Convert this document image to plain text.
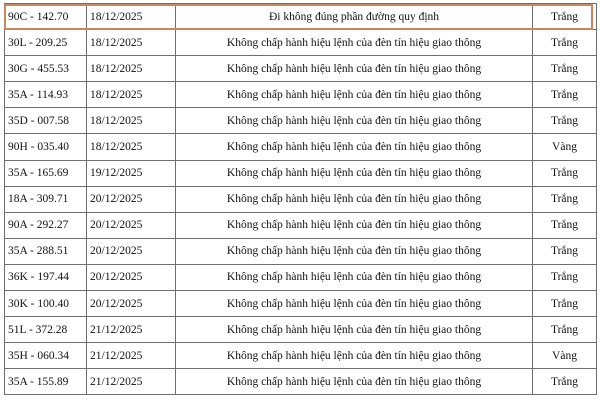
90C - 142.70	18/12/2025	Đi không đúng phần đường quy định	Trắng
30L - 209.25	18/12/2025	Không chấp hành hiệu lệnh của đèn tín hiệu giao thông	Trắng
30G - 455.53	18/12/2025	Không chấp hành hiệu lệnh của đèn tín hiệu giao thông	Trắng
35A - 114.93	18/12/2025	Không chấp hành hiệu lệnh của đèn tín hiệu giao thông	Trắng
35D - 007.58	18/12/2025	Không chấp hành hiệu lệnh của đèn tín hiệu giao thông	Trắng
90H - 035.40	18/12/2025	Không chấp hành hiệu lệnh của đèn tín hiệu giao thông	Vàng
35A - 165.69	19/12/2025	Không chấp hành hiệu lệnh của đèn tín hiệu giao thông	Trắng
18A - 309.71	20/12/2025	Không chấp hành hiệu lệnh của đèn tín hiệu giao thông	Trắng
90A - 292.27	20/12/2025	Không chấp hành hiệu lệnh của đèn tín hiệu giao thông	Trắng
35A - 288.51	20/12/2025	Không chấp hành hiệu lệnh của đèn tín hiệu giao thông	Trắng
36K - 197.44	20/12/2025	Không chấp hành hiệu lệnh của đèn tín hiệu giao thông	Trắng
30K - 100.40	20/12/2025	Không chấp hành hiệu lệnh của đèn tín hiệu giao thông	Trắng
51L - 372.28	21/12/2025	Không chấp hành hiệu lệnh của đèn tín hiệu giao thông	Trắng
35H - 060.34	21/12/2025	Không chấp hành hiệu lệnh của đèn tín hiệu giao thông	Vàng
35A - 155.89	21/12/2025	Không chấp hành hiệu lệnh của đèn tín hiệu giao thông	Trắng
